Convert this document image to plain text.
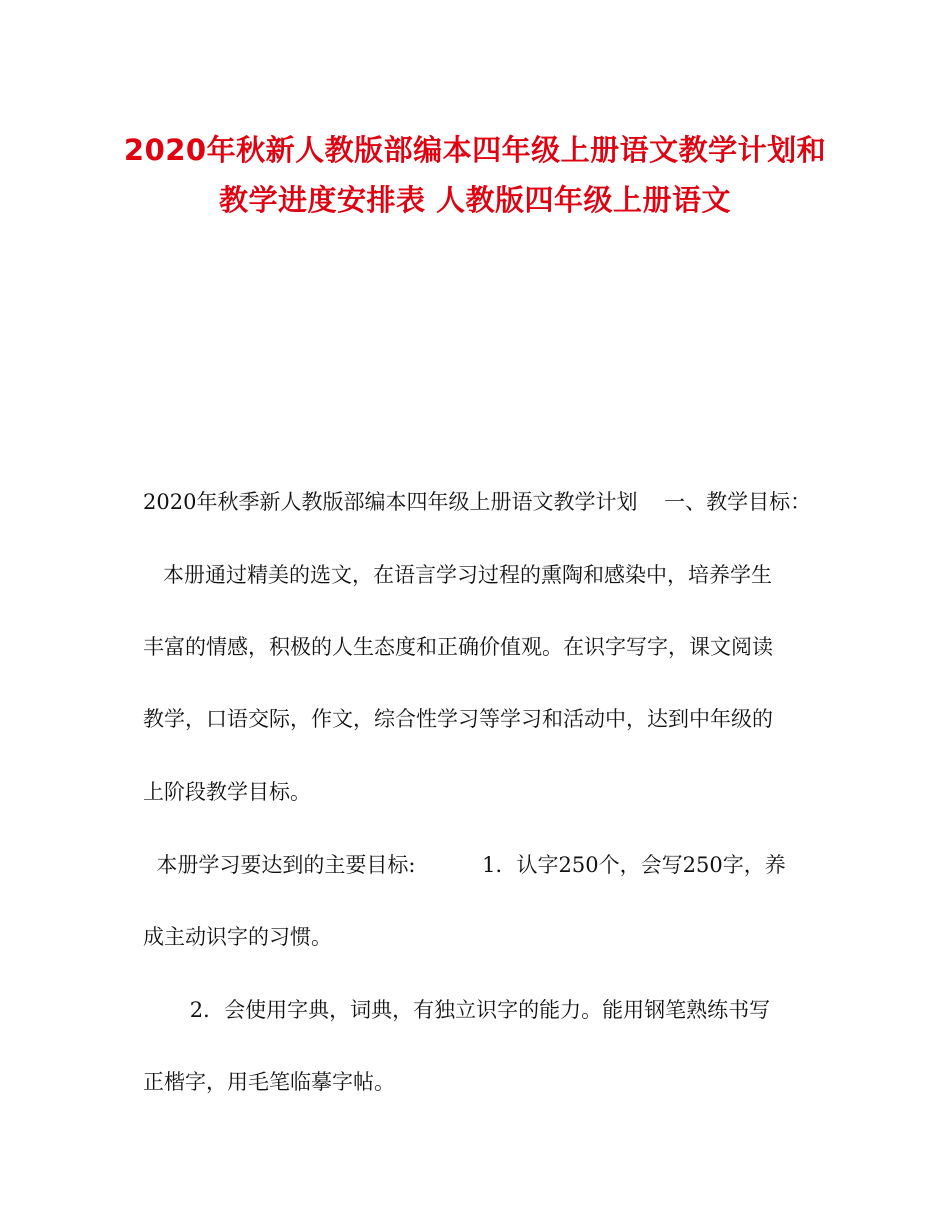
2020年秋新人教版部编本四年级上册语文教学计划和
教学进度安排表 人教版四年级上册语文
2020年秋季新人教版部编本四年级上册语文教学计划    一、教学目标：
本册通过精美的选文，在语言学习过程的熏陶和感染中，培养学生
丰富的情感，积极的人生态度和正确价值观。在识字写字，课文阅读
教学，口语交际，作文，综合性学习等学习和活动中，达到中年级的
上阶段教学目标。
本册学习要达到的主要目标:          1．认字250个，会写250字，养
成主动识字的习惯。
2．会使用字典，词典，有独立识字的能力。能用钢笔熟练书写
正楷字，用毛笔临摹字帖。
